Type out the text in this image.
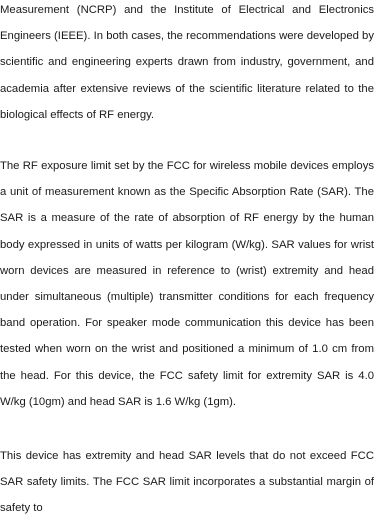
Measurement (NCRP) and the Institute of Electrical and Electronics Engineers (IEEE). In both cases, the recommendations were developed by scientific and engineering experts drawn from industry, government, and academia after extensive reviews of the scientific literature related to the biological effects of RF energy.

The RF exposure limit set by the FCC for wireless mobile devices employs a unit of measurement known as the Specific Absorption Rate (SAR). The SAR is a measure of the rate of absorption of RF energy by the human body expressed in units of watts per kilogram (W/kg). SAR values for wrist worn devices are measured in reference to (wrist) extremity and head under simultaneous (multiple) transmitter conditions for each frequency band operation. For speaker mode communication this device has been tested when worn on the wrist and positioned a minimum of 1.0 cm from the head. For this device, the FCC safety limit for extremity SAR is 4.0 W/kg (10gm) and head SAR is 1.6 W/kg (1gm).

This device has extremity and head SAR levels that do not exceed FCC SAR safety limits. The FCC SAR limit incorporates a substantial margin of safety to
